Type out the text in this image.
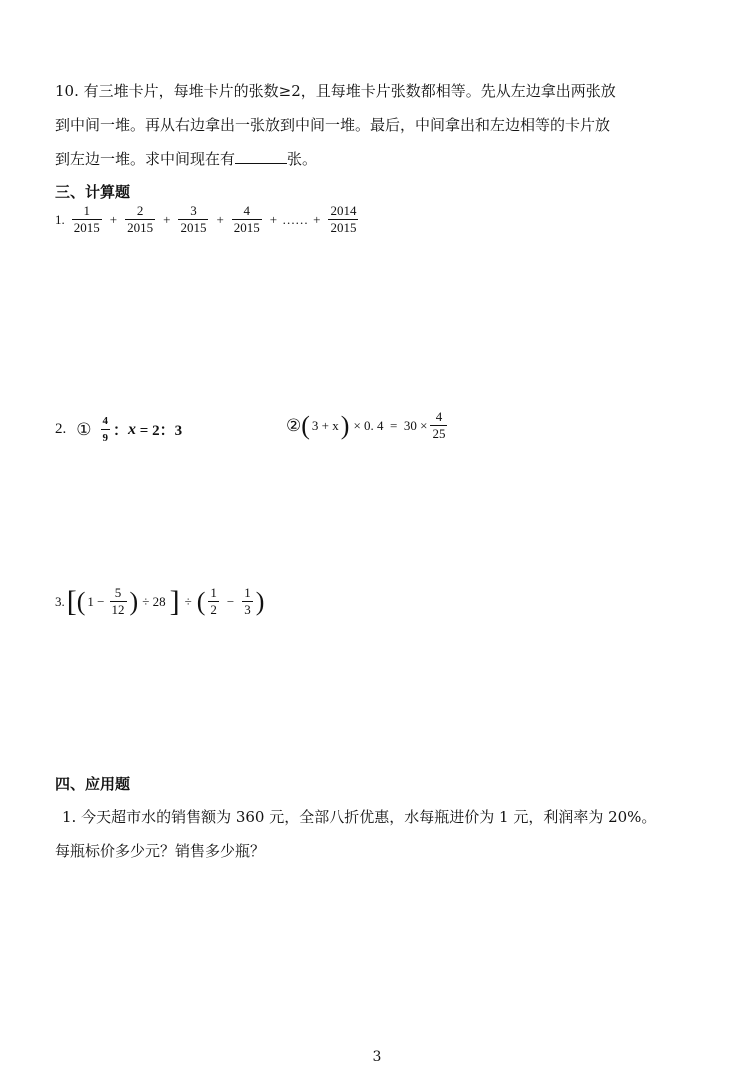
10. 有三堆卡片，每堆卡片的张数≥2，且每堆卡片张数都相等。先从左边拿出两张放
到中间一堆。再从右边拿出一张放到中间一堆。最后，中间拿出和左边相等的卡片放
到左边一堆。求中间现在有	张。
三、计算题
1. $\frac{1}{2015} + \frac{2}{2015} + \frac{3}{2015} + \frac{4}{2015}$ + …… + $\frac{2014}{2015}$
2. ① $\frac{4}{9}$ ： x = 2：3	② ( 3 + x ) × 0. $4 = 30 \times \frac{4}{25}$
3. [ ( $1 - \frac{5}{12}$ ) ÷ 28 ] ÷ ( $\frac{1}{2} - \frac{1}{3}$ )
四、应用题
1. 今天超市水的销售额为 360 元，全部八折优惠，水每瓶进价为 1 元，利润率为 20%。
每瓶标价多少元？销售多少瓶？
3
